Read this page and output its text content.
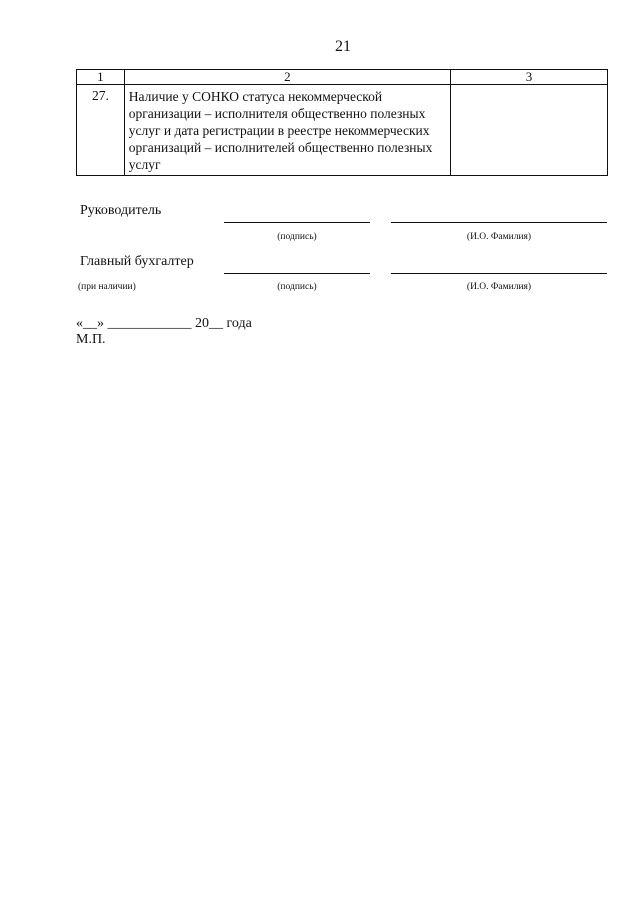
21
1	2	3
27.	Наличие у СОНКО статуса некоммерческой организации – исполнителя общественно полезных услуг и дата регистрации в реестре некоммерческих организаций – исполнителей общественно полезных услуг	
Руководитель
(подпись)	(И.О. Фамилия)
Главный бухгалтер
(при наличии)	(подпись)	(И.О. Фамилия)
«__» ____________ 20__ года
М.П.
